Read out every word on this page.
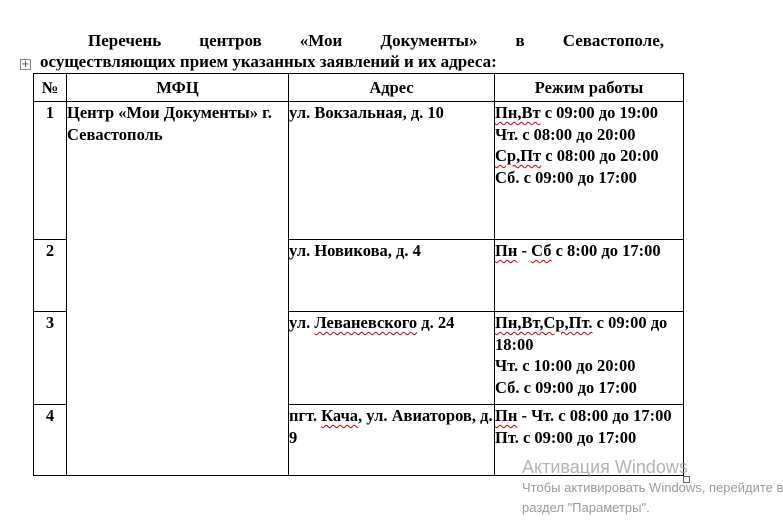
Перечень центров «Мои Документы» в Севастополе,
осуществляющих прием указанных заявлений и их адреса:
+
№	МФЦ	Адрес	Режим работы
1	Центр «Мои Документы» г. Севастополь	ул. Вокзальная, д. 10	Пн,Вт с 09:00 до 19:00
Чт. с 08:00 до 20:00
Ср,Пт с 08:00 до 20:00
Сб. с 09:00 до 17:00

2		ул. Новикова, д. 4	Пн - Сб с 8:00 до 17:00

3		ул. Леваневского д. 24	Пн,Вт,Ср,Пт. с 09:00 до 18:00
Чт. с 10:00 до 20:00
Сб. с 09:00 до 17:00

4		пгт. Кача, ул. Авиаторов, д. 9	Пн - Чт. с 08:00 до 17:00
Пт. с 09:00 до 17:00
Активация Windows
Чтобы активировать Windows, перейдите в
раздел "Параметры".
